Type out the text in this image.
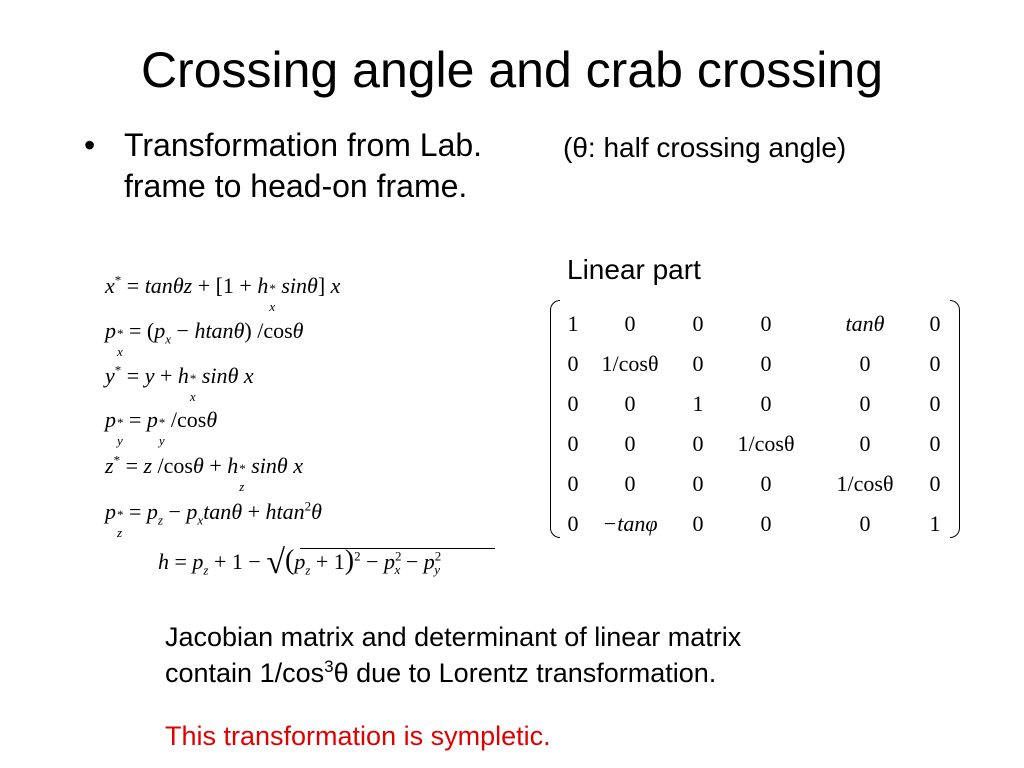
Crossing angle and crab crossing
• Transformation from Lab. frame to head-on frame.
(θ: half crossing angle)
Linear part
x* = tanθz + [1 + h *
x
sinθ] x
p *
x
= $(p_x - htan\theta)$ /cosθ
y* = y + h *
x
sinθ x
p *
y
= p *
y
/cosθ
z* = z /cosθ + h *
z
sinθ x
p *
z
= $p_z - p_x\tan\theta + htan^2\theta$
$h = p_z + 1 - √(p_z + 1)^2 - p^2_x - p^2_y$
1	0	0	0	tanθ	0
0	1/cosθ	0	0	0	0
0	0	1	0	0	0
0	0	0	1/cosθ	0	0
0	0	0	0	1/cosθ	0
0	−tanφ	0	0	0	1
Jacobian matrix and determinant of linear matrix
contain $1/\cos^3\theta$ due to Lorentz transformation.
This transformation is sympletic.
